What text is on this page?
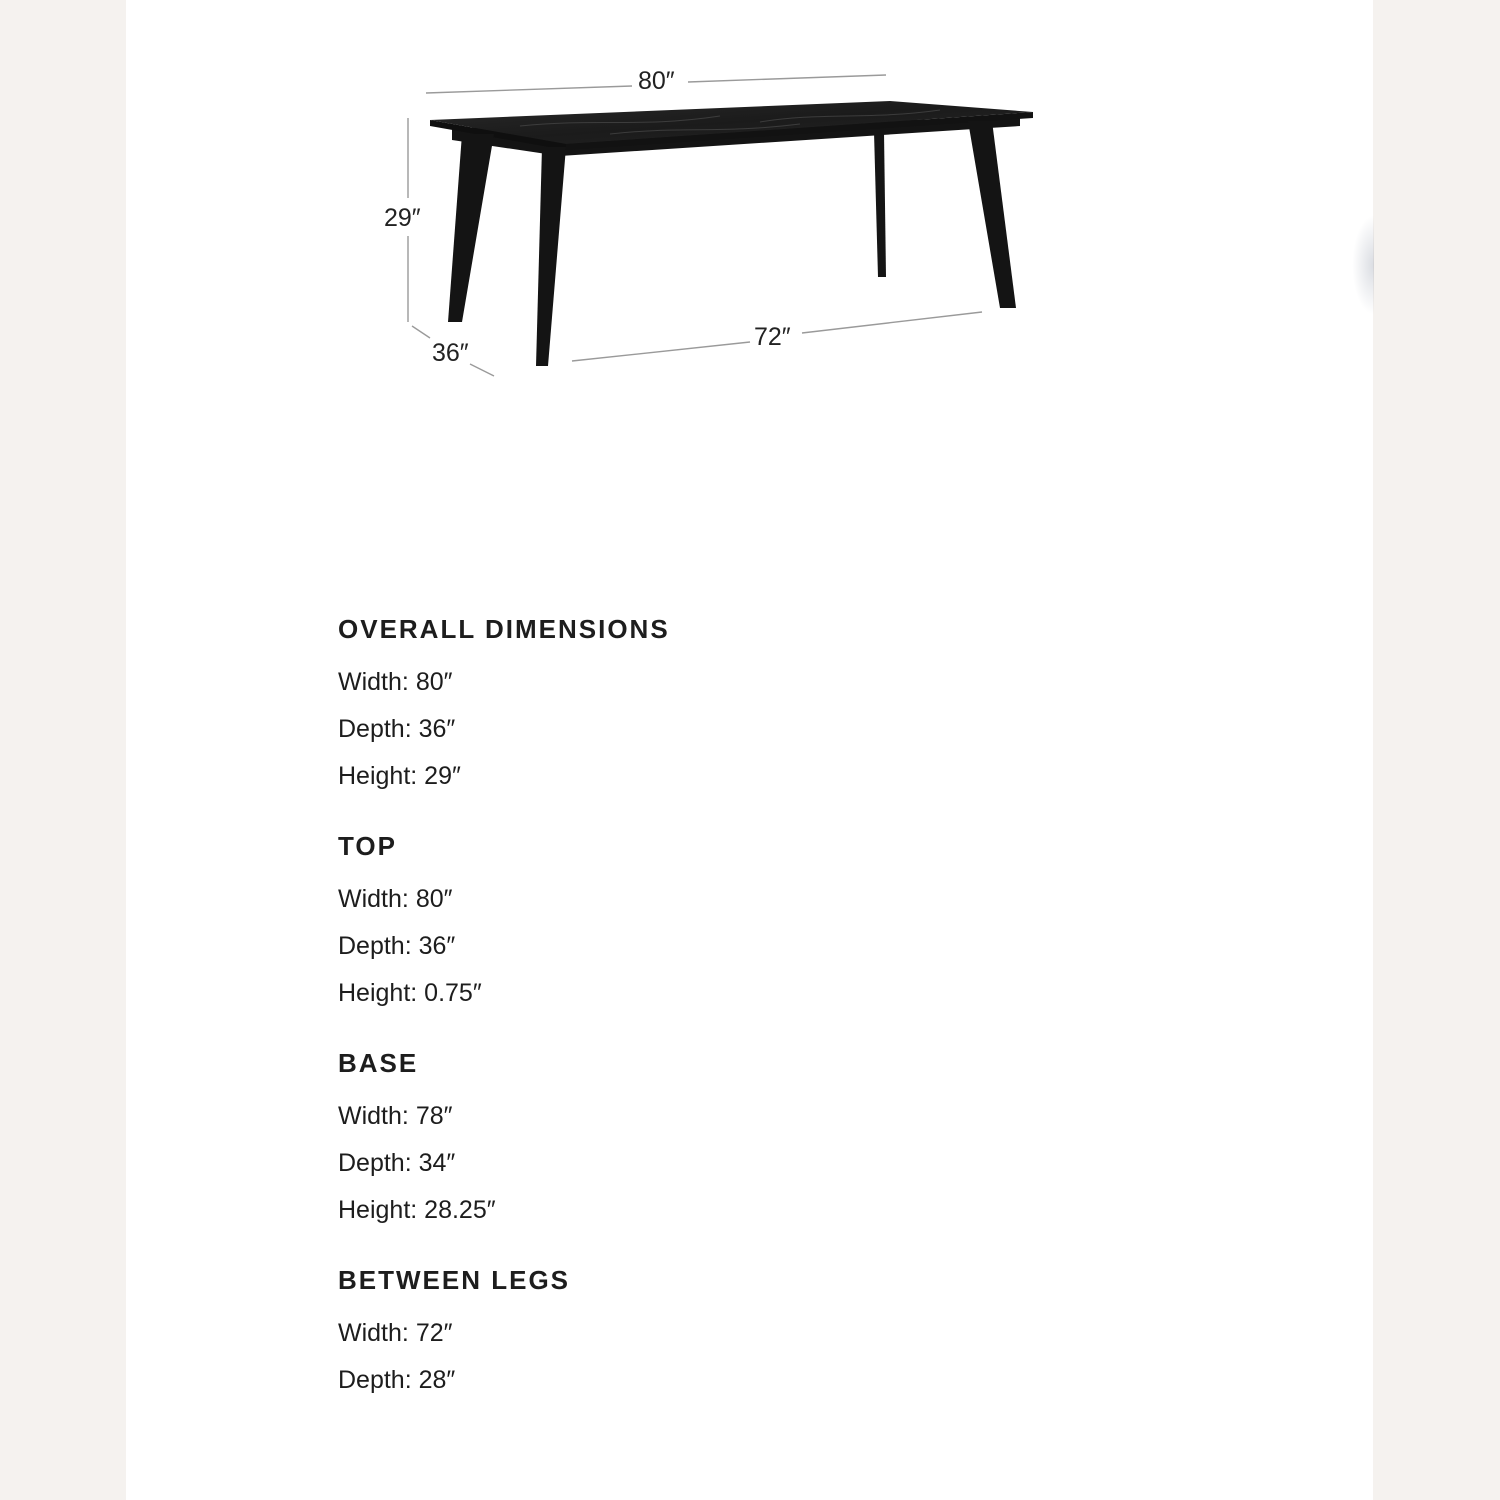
80″
29″
36″
72″
OVERALL DIMENSIONS
Width: 80″
Depth: 36″
Height: 29″
TOP
Width: 80″
Depth: 36″
Height: 0.75″
BASE
Width: 78″
Depth: 34″
Height: 28.25″
BETWEEN LEGS
Width: 72″
Depth: 28″
